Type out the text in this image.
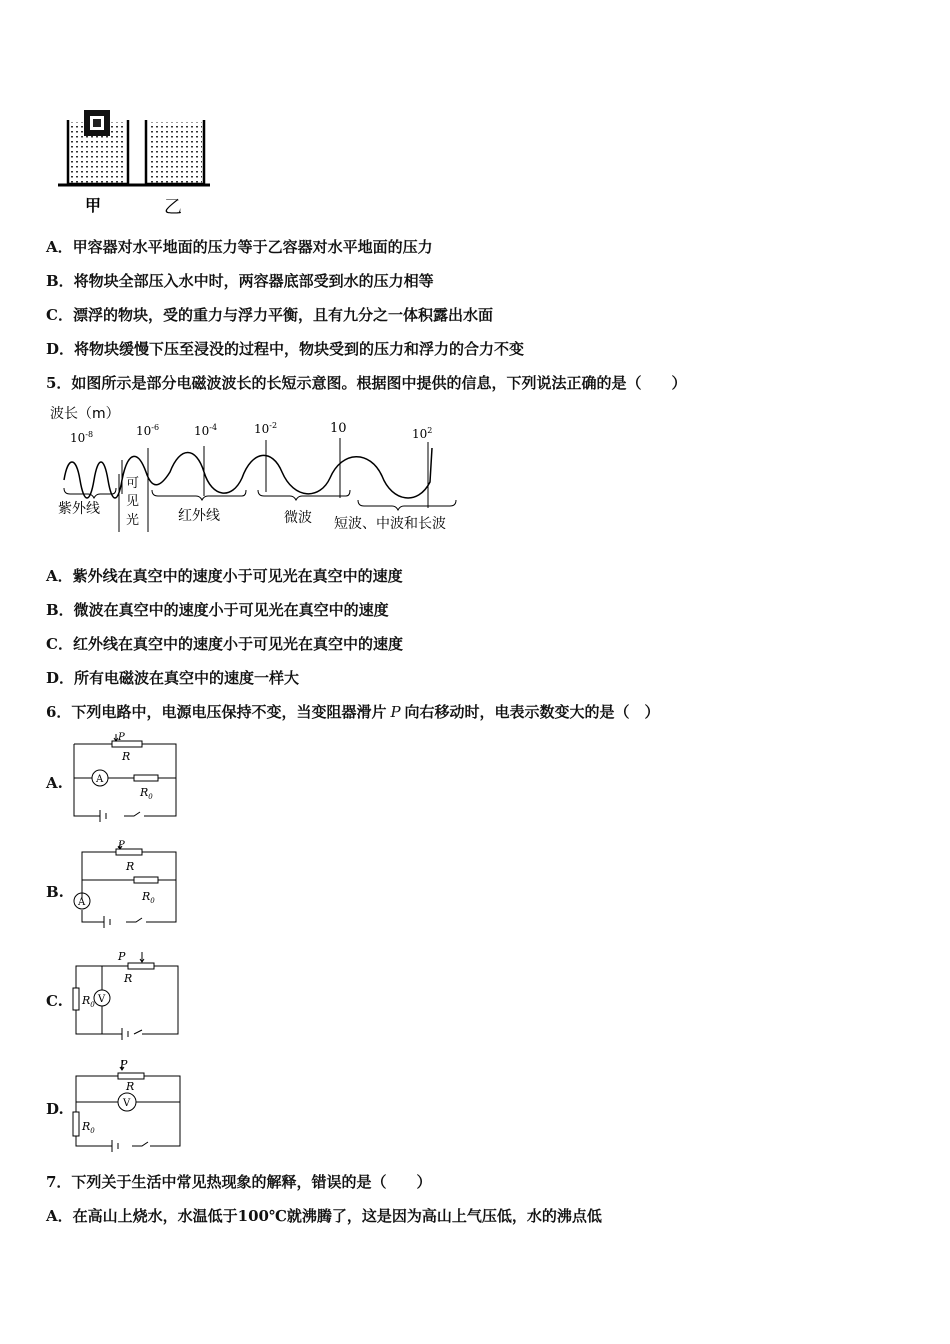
甲	乙
A．甲容器对水平地面的压力等于乙容器对水平地面的压力
B．将物块全部压入水中时，两容器底部受到水的压力相等
C．漂浮的物块，受的重力与浮力平衡，且有九分之一体积露出水面
D．将物块缓慢下压至浸没的过程中，物块受到的压力和浮力的合力不变
5．如图所示是部分电磁波波长的长短示意图。根据图中提供的信息，下列说法正确的是（　　）
波长（m）
$10^{-8}$	$10^{-6}$	$10^{-4}$	$10^{-2}$	10	$10^2$
紫外线
可
见
光	红外线	微波 短波、中波和长波
A．紫外线在真空中的速度小于可见光在真空中的速度
B．微波在真空中的速度小于可见光在真空中的速度
C．红外线在真空中的速度小于可见光在真空中的速度
D．所有电磁波在真空中的速度一样大
6．下列电路中，电源电压保持不变，当变阻器滑片 P 向右移动时，电表示数变大的是（　）
A.
P
R
A
$R_0$
B.
P
R
A	$R_0$
C.
P
R
$R_0$ V
D.
P
R
V
$R_0$
7．下列关于生活中常见热现象的解释，错误的是（　　）
A．在高山上烧水，水温低于100℃就沸腾了，这是因为高山上气压低，水的沸点低
